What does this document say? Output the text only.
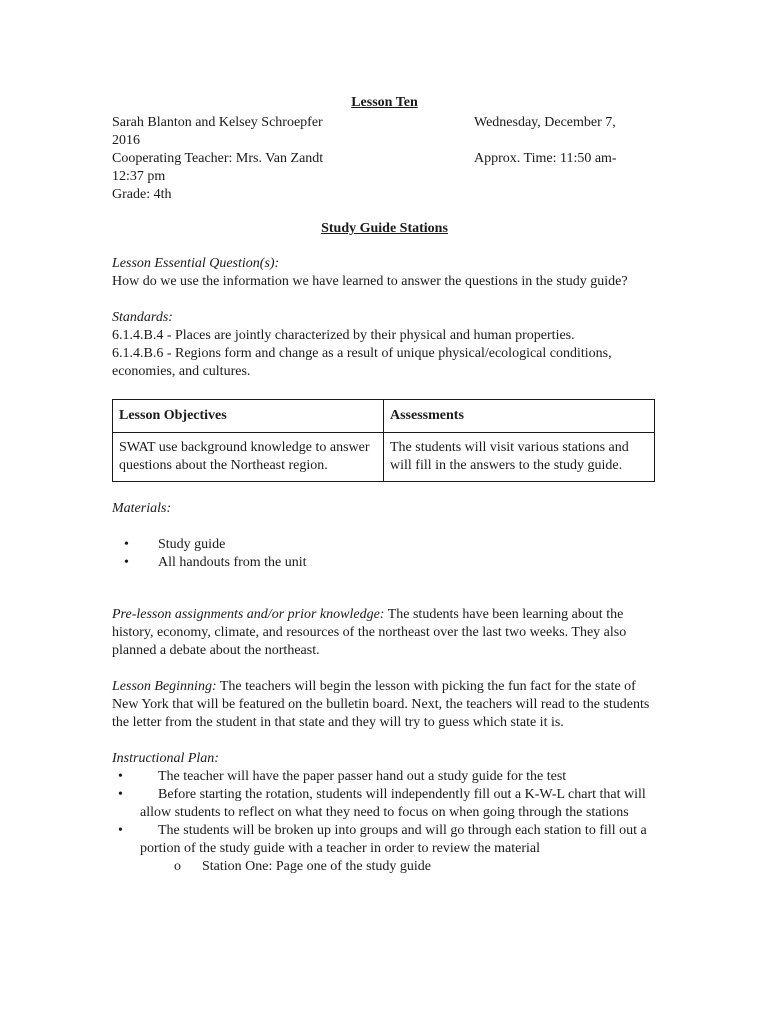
Lesson Ten

Sarah Blanton and Kelsey Schroepfer	Wednesday, December 7,

2016

Cooperating Teacher: Mrs. Van Zandt	Approx. Time: 11:50 am-

12:37 pm

Grade: 4th

Study Guide Stations

Lesson Essential Question(s):

How do we use the information we have learned to answer the questions in the study guide?

Standards:

6.1.4.B.4 - Places are jointly characterized by their physical and human properties.

6.1.4.B.6 - Regions form and change as a result of unique physical/ecological conditions, economies, and cultures.

Lesson Objectives	Assessments
SWAT use background knowledge to answer questions about the Northeast region.	The students will visit various stations and will fill in the answers to the study guide.

Materials:

• Study guide
• All handouts from the unit

Pre-lesson assignments and/or prior knowledge: The students have been learning about the history, economy, climate, and resources of the northeast over the last two weeks. They also planned a debate about the northeast.

Lesson Beginning: The teachers will begin the lesson with picking the fun fact for the state of New York that will be featured on the bulletin board. Next, the teachers will read to the students the letter from the student in that state and they will try to guess which state it is.

Instructional Plan:

• The teacher will have the paper passer hand out a study guide for the test
• Before starting the rotation, students will independently fill out a K-W-L chart that will allow students to reflect on what they need to focus on when going through the stations
• The students will be broken up into groups and will go through each station to fill out a portion of the study guide with a teacher in order to review the material
o Station One: Page one of the study guide
